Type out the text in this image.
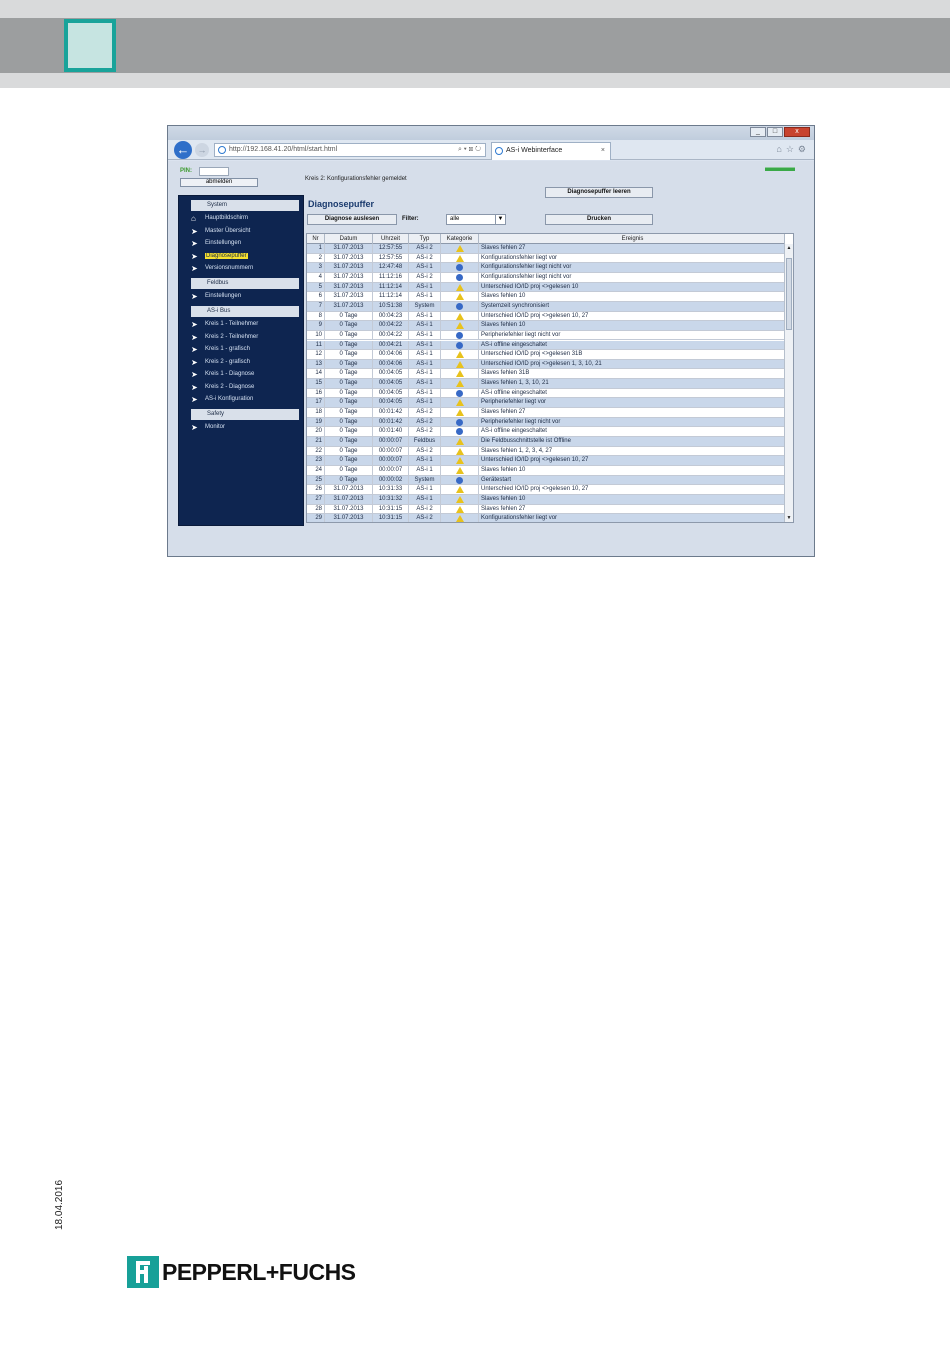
_	□	x
← →	http://192.168.41.20/html/start.html	⌕ ▾ ⊠ ↻	AS-i Webinterface	×	⌂ ☆ ⚙
PIN:
abmelden	Kreis 2: Konfigurationsfehler gemeldet
System
⌂ Hauptbildschirm
➤ Master Übersicht
➤ Einstellungen
➤ Diagnosepuffer
➤ Versionsnummern
Feldbus
➤ Einstellungen
AS-i Bus
➤ Kreis 1 - Teilnehmer
➤ Kreis 2 - Teilnehmer
➤ Kreis 1 - grafisch
➤ Kreis 2 - grafisch
➤ Kreis 1 - Diagnose
➤ Kreis 2 - Diagnose
➤ AS-i Konfiguration
Safety
➤ Monitor
Diagnosepuffer
Diagnosepuffer leeren
Diagnose auslesen	Filter:	alle	▼	Drucken
Nr	Datum	Uhrzeit	Typ	Kategorie	Ereignis
1	31.07.2013	12:57:55	AS-i 2	Slaves fehlen 27
2	31.07.2013	12:57:55	AS-i 2	Konfigurationsfehler liegt vor
3	31.07.2013	12:47:48	AS-i 1	Konfigurationsfehler liegt nicht vor
4	31.07.2013	11:12:16	AS-i 2	Konfigurationsfehler liegt nicht vor
5	31.07.2013	11:12:14	AS-i 1	Unterschied IO/ID proj <>gelesen 10
6	31.07.2013	11:12:14	AS-i 1	Slaves fehlen 10
7	31.07.2013	10:51:38	System	Systemzeit synchronisiert
8	0 Tage	00:04:23	AS-i 1	Unterschied IO/ID proj <>gelesen 10, 27
9	0 Tage	00:04:22	AS-i 1	Slaves fehlen 10
10	0 Tage	00:04:22	AS-i 1	Peripheriefehler liegt nicht vor
11	0 Tage	00:04:21	AS-i 1	AS-i offline eingeschaltet
12	0 Tage	00:04:06	AS-i 1	Unterschied IO/ID proj <>gelesen 31B
13	0 Tage	00:04:06	AS-i 1	Unterschied IO/ID proj <>gelesen 1, 3, 10, 21
14	0 Tage	00:04:05	AS-i 1	Slaves fehlen 31B
15	0 Tage	00:04:05	AS-i 1	Slaves fehlen 1, 3, 10, 21
16	0 Tage	00:04:05	AS-i 1	AS-i offline eingeschaltet
17	0 Tage	00:04:05	AS-i 1	Peripheriefehler liegt vor
18	0 Tage	00:01:42	AS-i 2	Slaves fehlen 27
19	0 Tage	00:01:42	AS-i 2	Peripheriefehler liegt nicht vor
20	0 Tage	00:01:40	AS-i 2	AS-i offline eingeschaltet
21	0 Tage	00:00:07	Feldbus	Die Feldbusschnittstelle ist Offline
22	0 Tage	00:00:07	AS-i 2	Slaves fehlen 1, 2, 3, 4, 27
23	0 Tage	00:00:07	AS-i 1	Unterschied IO/ID proj <>gelesen 10, 27
24	0 Tage	00:00:07	AS-i 1	Slaves fehlen 10
25	0 Tage	00:00:02	System	Gerätestart
26	31.07.2013	10:31:33	AS-i 1	Unterschied IO/ID proj <>gelesen 10, 27
27	31.07.2013	10:31:32	AS-i 1	Slaves fehlen 10
28	31.07.2013	10:31:15	AS-i 2	Slaves fehlen 27
29	31.07.2013	10:31:15	AS-i 2	Konfigurationsfehler liegt vor
▲
▼
18.04.2016
PEPPERL+FUCHS
